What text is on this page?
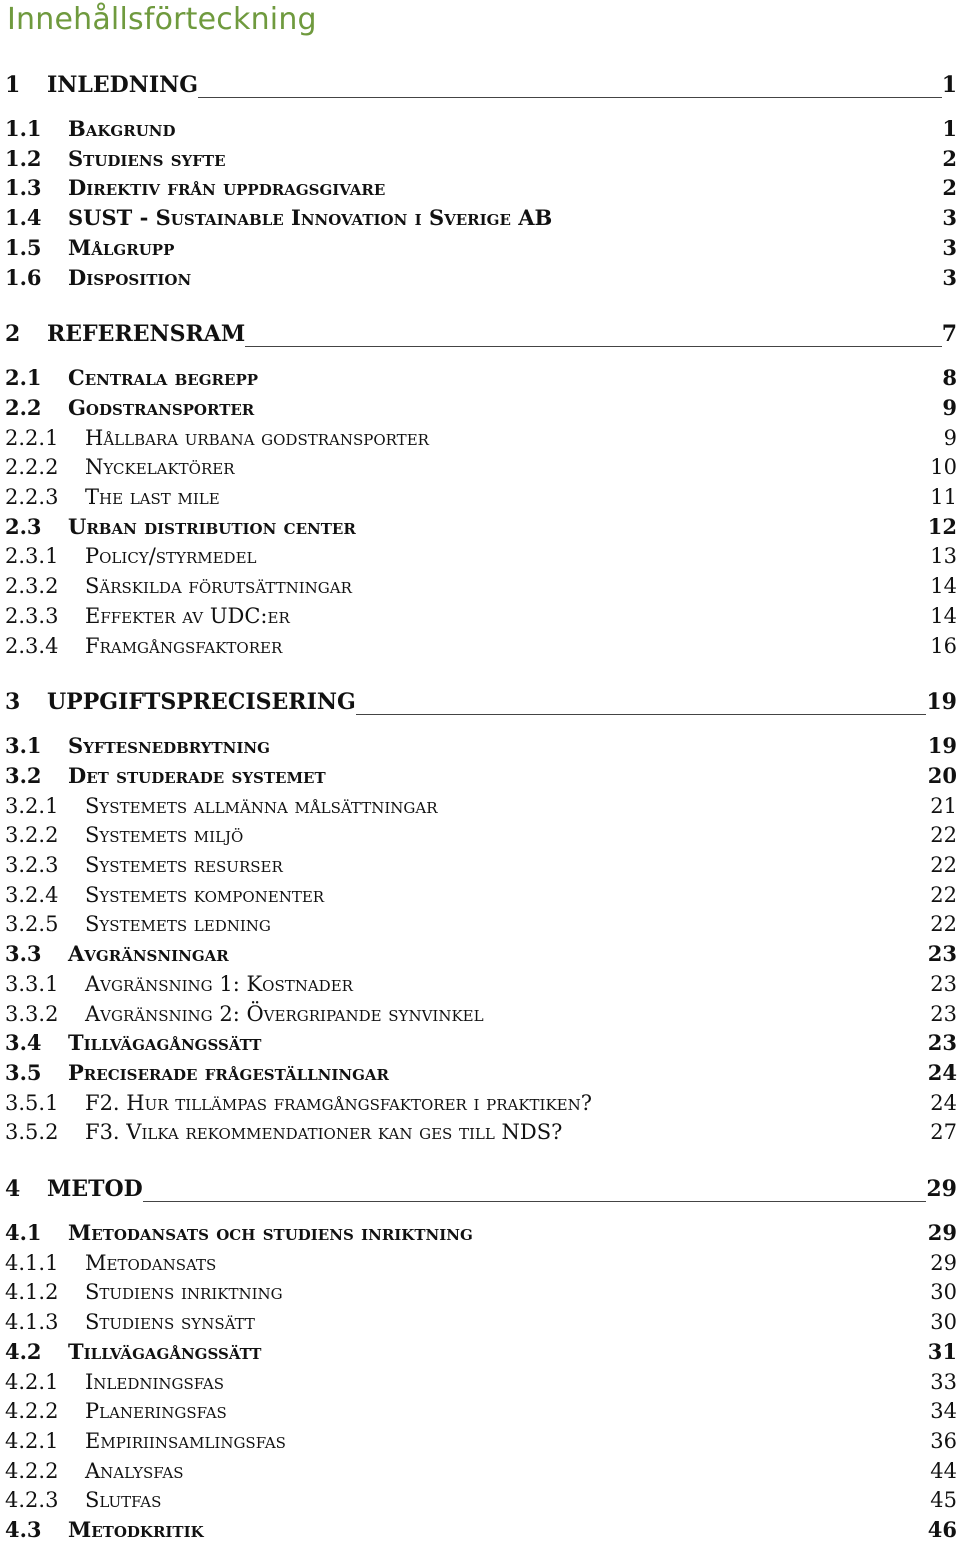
Innehållsförteckning
1 INLEDNING	1
1.1 Bakgrund	1
1.2 Studiens syfte	2
1.3 Direktiv från uppdragsgivare	2
1.4 SUST - Sustainable Innovation i Sverige AB	3
1.5 Målgrupp	3
1.6 Disposition	3
2 REFERENSRAM	7
2.1 Centrala begrepp	8
2.2 Godstransporter	9
2.2.1 Hållbara urbana godstransporter	9
2.2.2 Nyckelaktörer	10
2.2.3 The last mile	11
2.3 Urban distribution center	12
2.3.1 Policy/styrmedel	13
2.3.2 Särskilda förutsättningar	14
2.3.3 Effekter av UDC:er	14
2.3.4 Framgångsfaktorer	16
3 UPPGIFTSPRECISERING	19
3.1 Syftesnedbrytning	19
3.2 Det studerade systemet	20
3.2.1 Systemets allmänna målsättningar	21
3.2.2 Systemets miljö	22
3.2.3 Systemets resurser	22
3.2.4 Systemets komponenter	22
3.2.5 Systemets ledning	22
3.3 Avgränsningar	23
3.3.1 Avgränsning 1: Kostnader	23
3.3.2 Avgränsning 2: Övergripande synvinkel	23
3.4 Tillvägagångssätt	23
3.5 Preciserade frågeställningar	24
3.5.1 F2. Hur tillämpas framgångsfaktorer i praktiken?	24
3.5.2 F3. Vilka rekommendationer kan ges till NDS?	27
4 METOD	29
4.1 Metodansats och studiens inriktning	29
4.1.1 Metodansats	29
4.1.2 Studiens inriktning	30
4.1.3 Studiens synsätt	30
4.2 Tillvägagångssätt	31
4.2.1 Inledningsfas	33
4.2.2 Planeringsfas	34
4.2.1 Empiriinsamlingsfas	36
4.2.2 Analysfas	44
4.2.3 Slutfas	45
4.3 Metodkritik	46
